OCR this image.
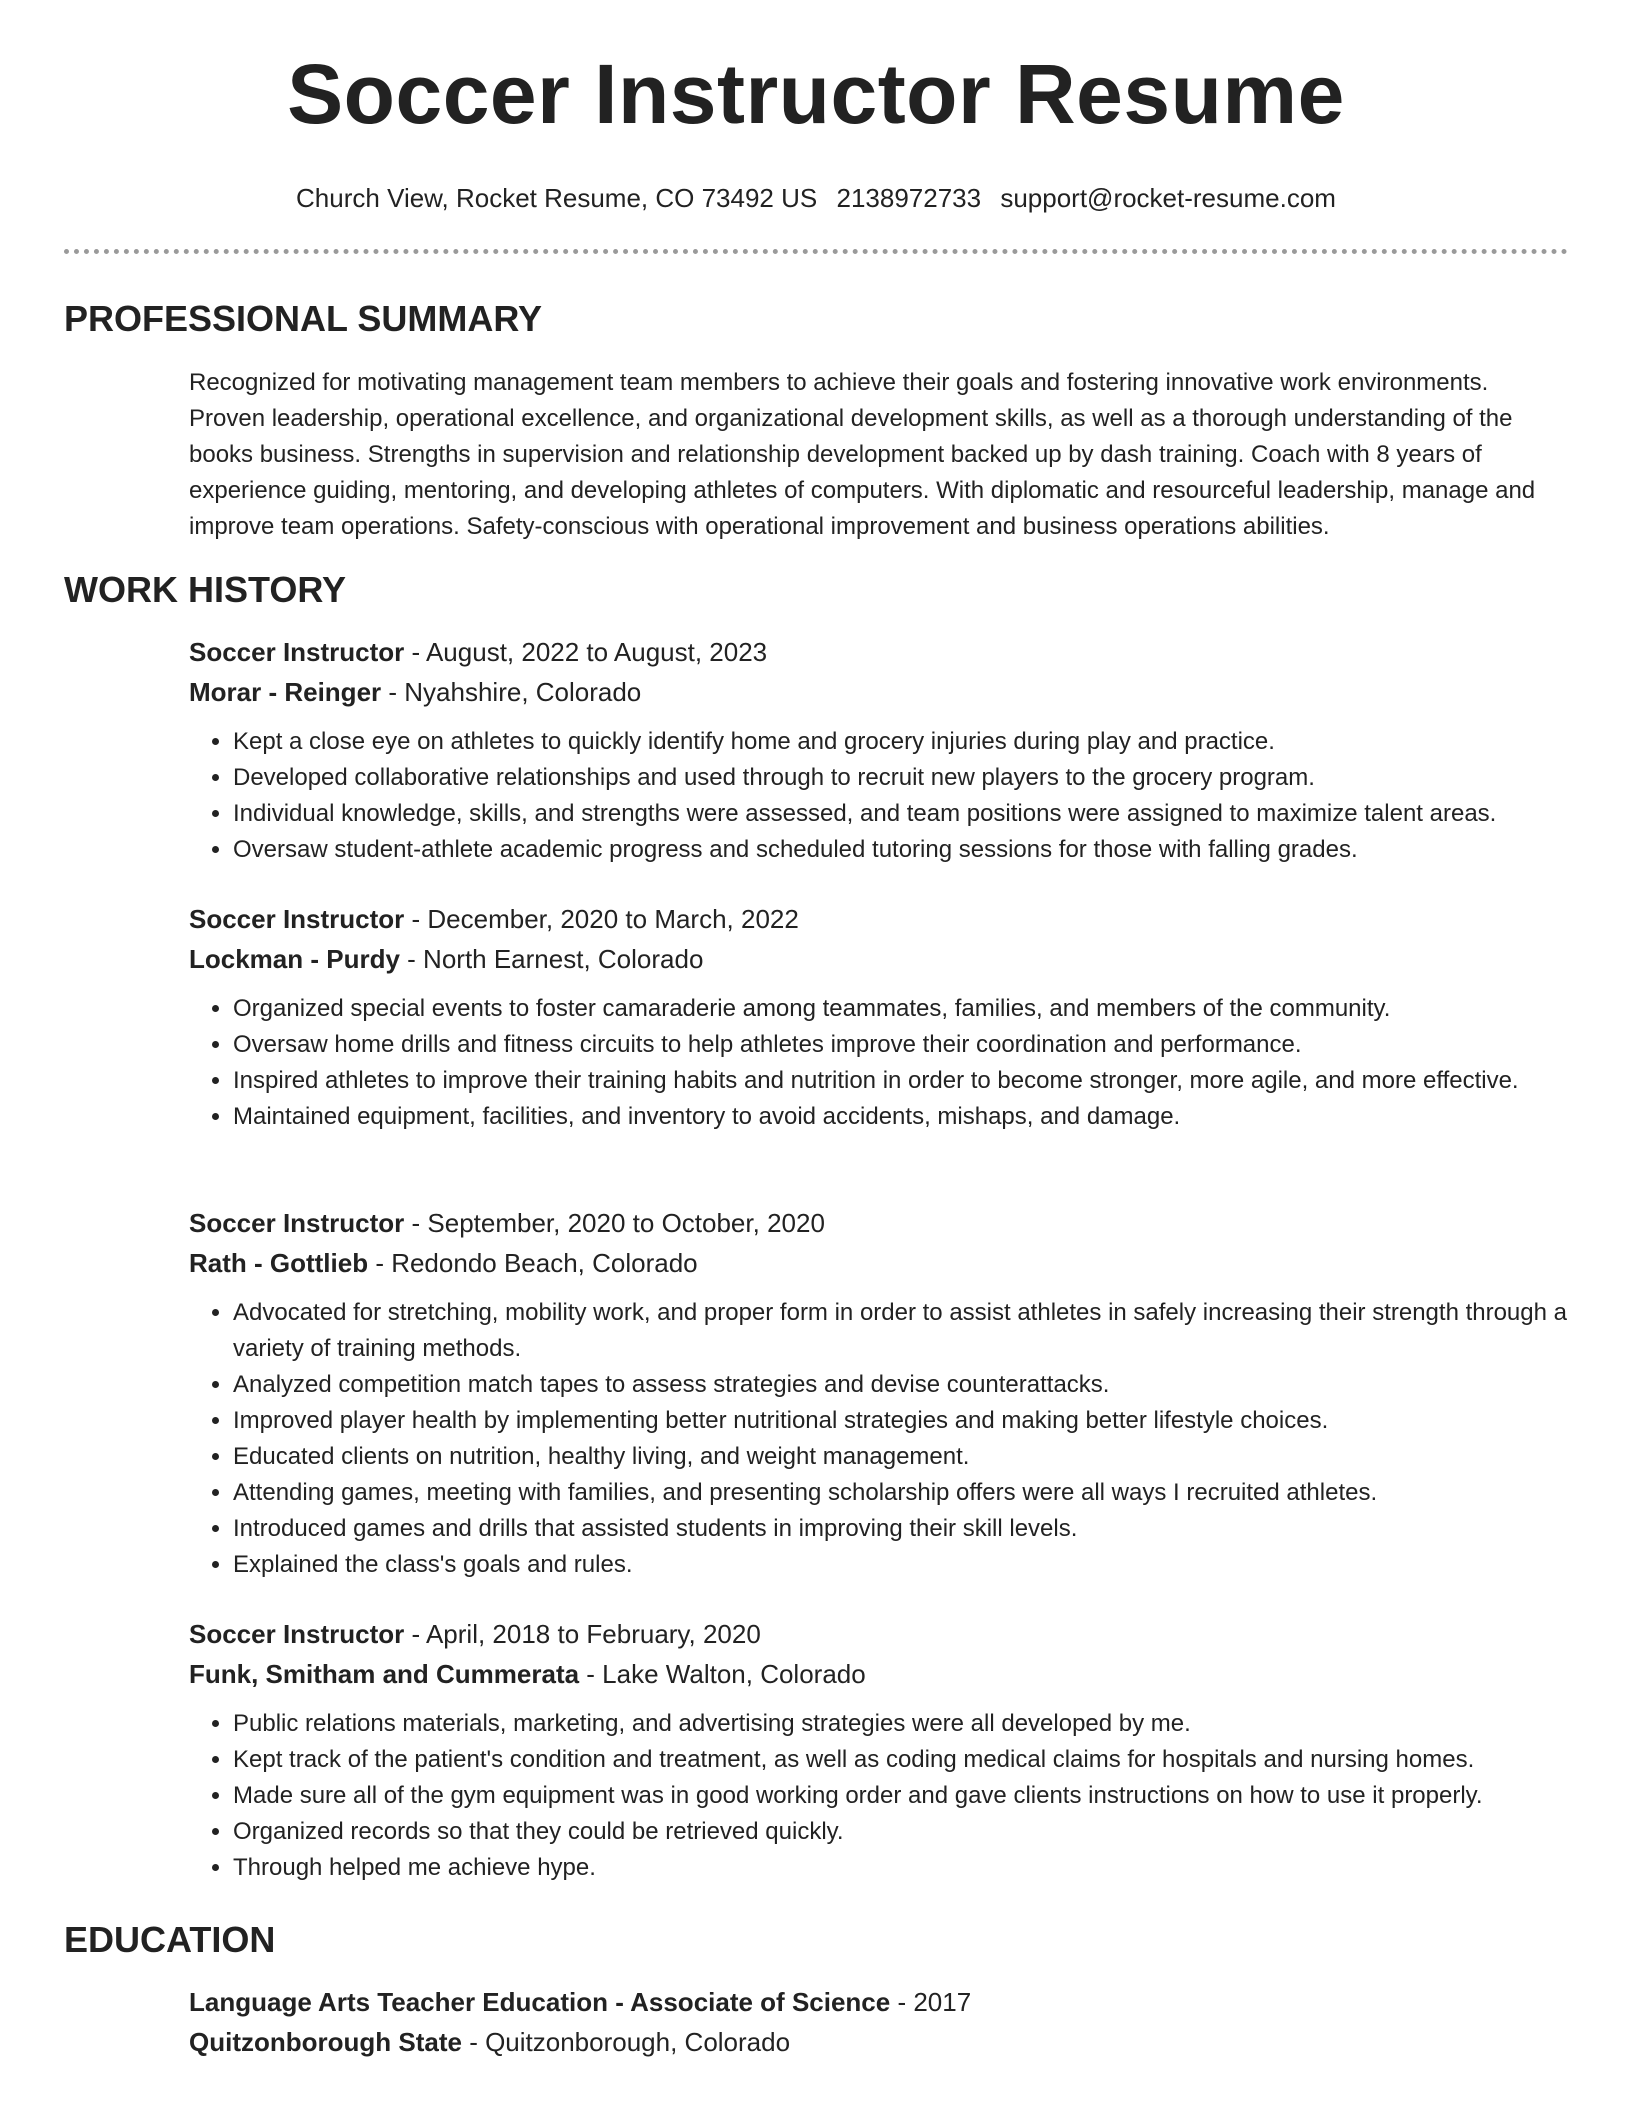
Soccer Instructor Resume
Church View, Rocket Resume, CO 73492 US 2138972733 support@rocket-resume.com
PROFESSIONAL SUMMARY
Recognized for motivating management team members to achieve their goals and fostering innovative work environments. Proven leadership, operational excellence, and organizational development skills, as well as a thorough understanding of the books business. Strengths in supervision and relationship development backed up by dash training. Coach with 8 years of experience guiding, mentoring, and developing athletes of computers. With diplomatic and resourceful leadership, manage and improve team operations. Safety-conscious with operational improvement and business operations abilities.
WORK HISTORY
Soccer Instructor - August, 2022 to August, 2023
Morar - Reinger - Nyahshire, Colorado
• Kept a close eye on athletes to quickly identify home and grocery injuries during play and practice.
• Developed collaborative relationships and used through to recruit new players to the grocery program.
• Individual knowledge, skills, and strengths were assessed, and team positions were assigned to maximize talent areas.
• Oversaw student-athlete academic progress and scheduled tutoring sessions for those with falling grades.
Soccer Instructor - December, 2020 to March, 2022
Lockman - Purdy - North Earnest, Colorado
• Organized special events to foster camaraderie among teammates, families, and members of the community.
• Oversaw home drills and fitness circuits to help athletes improve their coordination and performance.
• Inspired athletes to improve their training habits and nutrition in order to become stronger, more agile, and more effective.
• Maintained equipment, facilities, and inventory to avoid accidents, mishaps, and damage.
Soccer Instructor - September, 2020 to October, 2020
Rath - Gottlieb - Redondo Beach, Colorado
• Advocated for stretching, mobility work, and proper form in order to assist athletes in safely increasing their strength through a variety of training methods.
• Analyzed competition match tapes to assess strategies and devise counterattacks.
• Improved player health by implementing better nutritional strategies and making better lifestyle choices.
• Educated clients on nutrition, healthy living, and weight management.
• Attending games, meeting with families, and presenting scholarship offers were all ways I recruited athletes.
• Introduced games and drills that assisted students in improving their skill levels.
• Explained the class's goals and rules.
Soccer Instructor - April, 2018 to February, 2020
Funk, Smitham and Cummerata - Lake Walton, Colorado
• Public relations materials, marketing, and advertising strategies were all developed by me.
• Kept track of the patient's condition and treatment, as well as coding medical claims for hospitals and nursing homes.
• Made sure all of the gym equipment was in good working order and gave clients instructions on how to use it properly.
• Organized records so that they could be retrieved quickly.
• Through helped me achieve hype.
EDUCATION
Language Arts Teacher Education - Associate of Science - 2017
Quitzonborough State - Quitzonborough, Colorado
